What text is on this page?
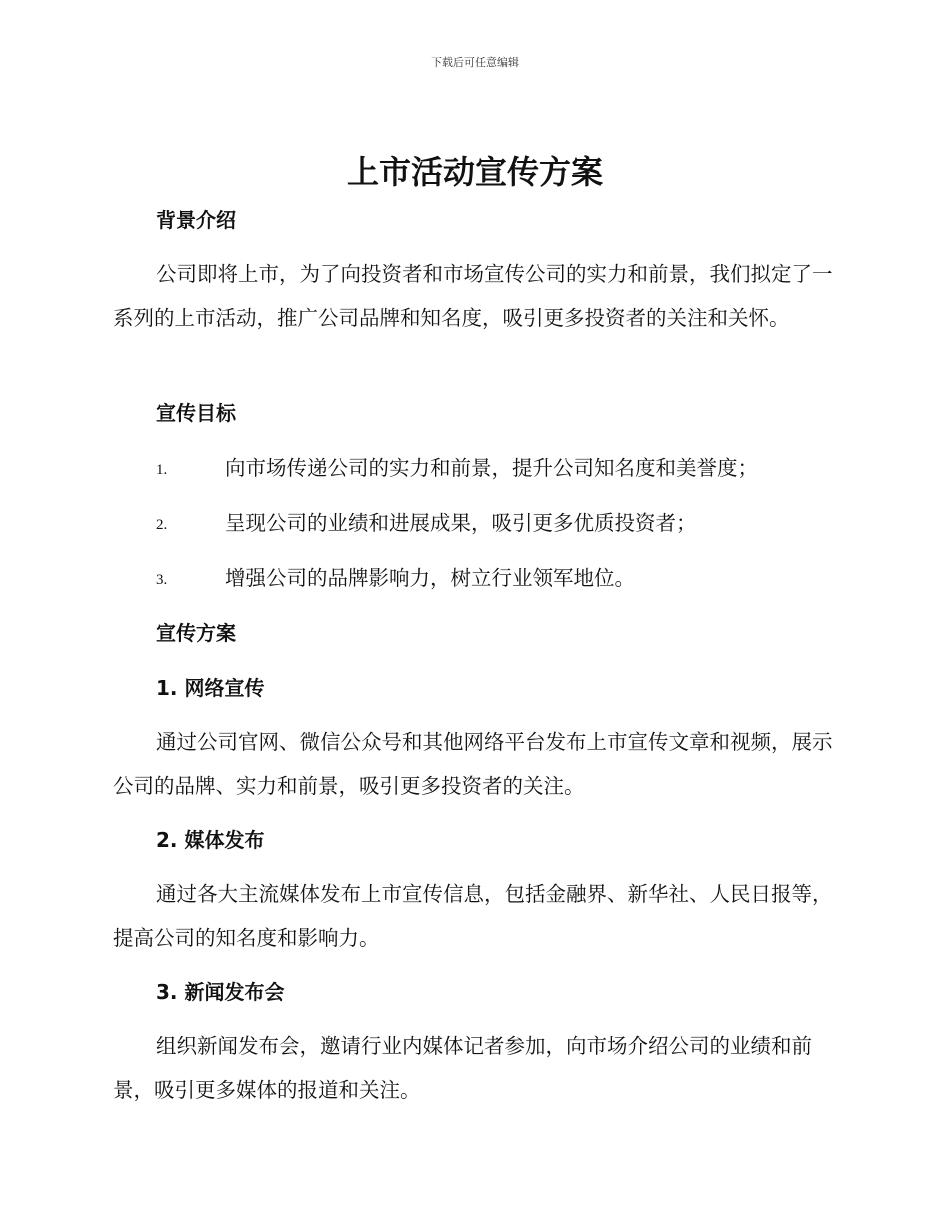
下载后可任意编辑
上市活动宣传方案
背景介绍

公司即将上市，为了向投资者和市场宣传公司的实力和前景，我们拟定了一系列的上市活动，推广公司品牌和知名度，吸引更多投资者的关注和关怀。

宣传目标
1.	向市场传递公司的实力和前景，提升公司知名度和美誉度；
2.	呈现公司的业绩和进展成果，吸引更多优质投资者；
3.	增强公司的品牌影响力，树立行业领军地位。
宣传方案
1. 网络宣传

通过公司官网、微信公众号和其他网络平台发布上市宣传文章和视频，展示公司的品牌、实力和前景，吸引更多投资者的关注。

2. 媒体发布

通过各大主流媒体发布上市宣传信息，包括金融界、新华社、人民日报等，提高公司的知名度和影响力。

3. 新闻发布会

组织新闻发布会，邀请行业内媒体记者参加，向市场介绍公司的业绩和前景，吸引更多媒体的报道和关注。
